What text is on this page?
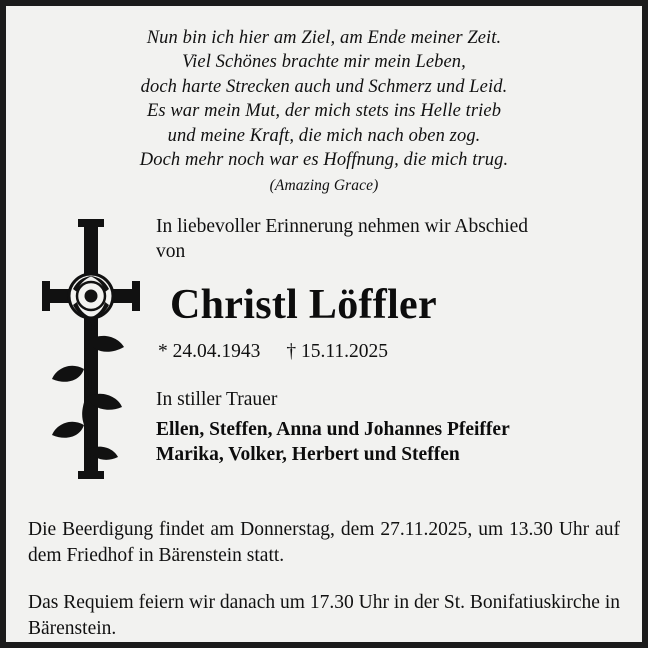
Nun bin ich hier am Ziel, am Ende meiner Zeit.
Viel Schönes brachte mir mein Leben,
doch harte Strecken auch und Schmerz und Leid.
Es war mein Mut, der mich stets ins Helle trieb
und meine Kraft, die mich nach oben zog.
Doch mehr noch war es Hoffnung, die mich trug.
(Amazing Grace)
In liebevoller Erinnerung nehmen wir Abschied
von
Christl Löffler
* 24.04.1943 † 15.11.2025
In stiller Trauer
Ellen, Steffen, Anna und Johannes Pfeiffer
Marika, Volker, Herbert und Steffen

Die Beerdigung findet am Donnerstag, dem 27.11.2025, um 13.30 Uhr auf dem Friedhof in Bärenstein statt.

Das Requiem feiern wir danach um 17.30 Uhr in der St. Bonifatiuskirche in Bärenstein.
